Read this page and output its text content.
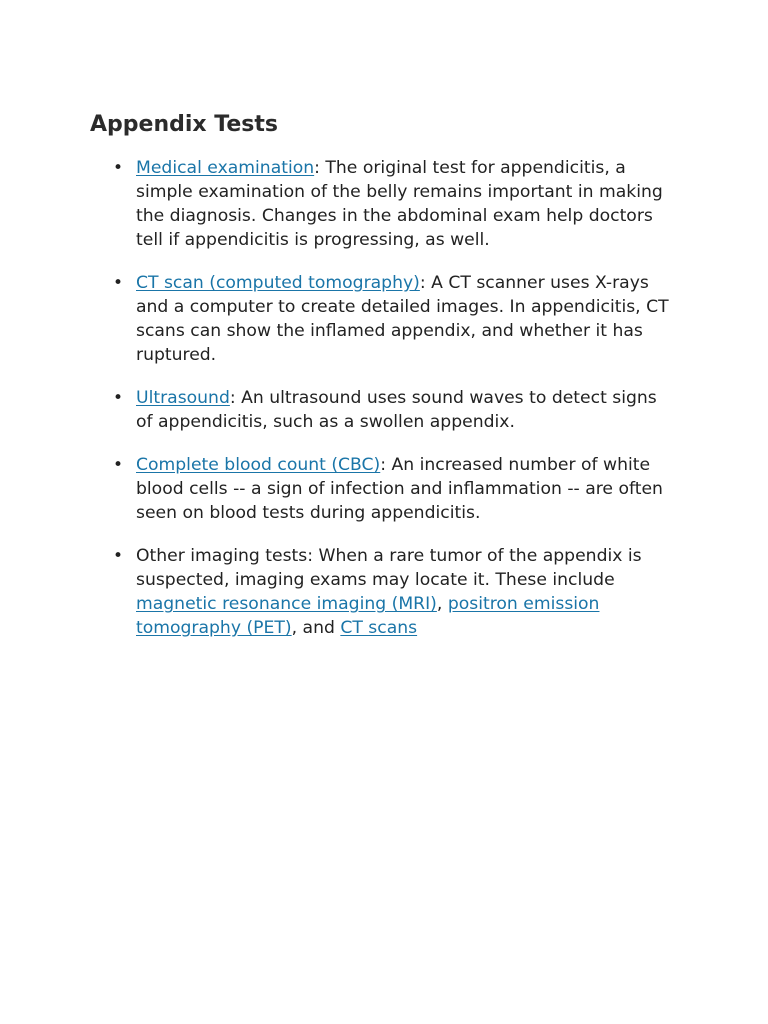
Appendix Tests
• Medical examination: The original test for appendicitis, a simple examination of the belly remains important in making the diagnosis. Changes in the abdominal exam help doctors tell if appendicitis is progressing, as well.
• CT scan (computed tomography): A CT scanner uses X-rays and a computer to create detailed images. In appendicitis, CT scans can show the inflamed appendix, and whether it has ruptured.
• Ultrasound: An ultrasound uses sound waves to detect signs of appendicitis, such as a swollen appendix.
• Complete blood count (CBC): An increased number of white blood cells -- a sign of infection and inflammation -- are often seen on blood tests during appendicitis.
• Other imaging tests: When a rare tumor of the appendix is suspected, imaging exams may locate it. These include magnetic resonance imaging (MRI), positron emission tomography (PET), and CT scans
